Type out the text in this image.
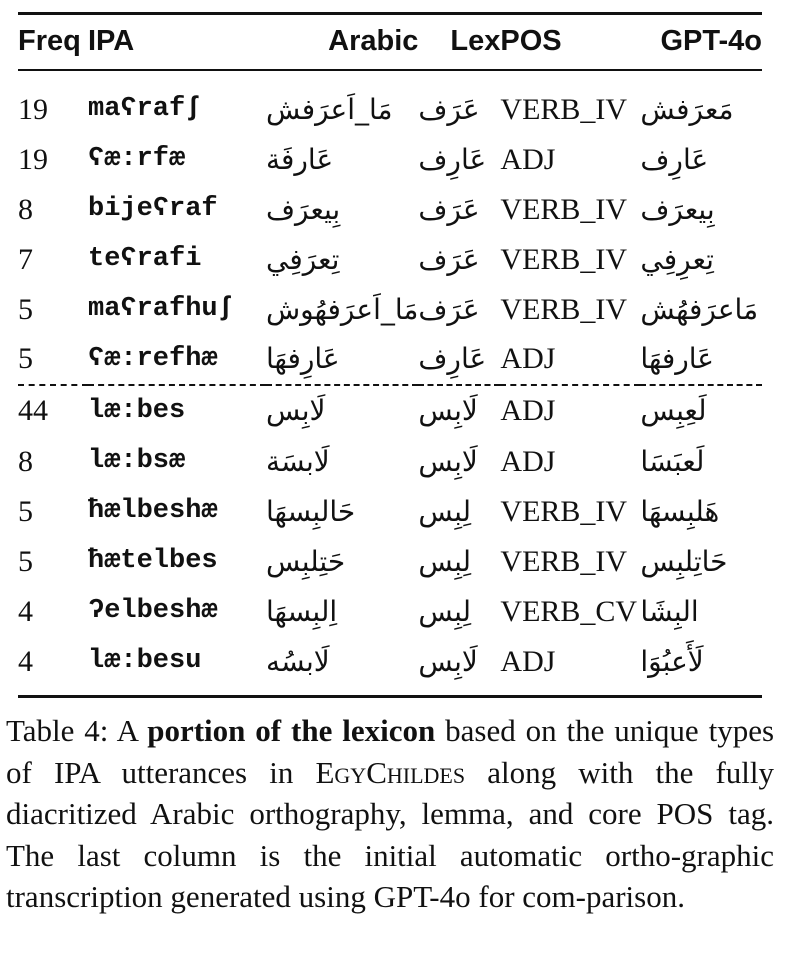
Freq	IPA	Arabic	Lex	POS	GPT-4o

19	maʕrafʃ	مَا_اَعرَفش	عَرَف	VERB_IV	مَعرَفش
19	ʕæ:rfæ	عَارفَة	عَارِف	ADJ	عَارِف
8	bijeʕraf	بِيعرَف	عَرَف	VERB_IV	بِيعرَف
7	teʕrafi	تِعرَفِي	عَرَف	VERB_IV	تِعرِفِي
5	maʕrafhuʃ	مَا_اَعرَفهُوش	عَرَف	VERB_IV	مَاعرَفهُش
5	ʕæ:refhæ	عَارِفهَا	عَارِف	ADJ	عَارفهَا
44	læ:bes	لَابِس	لَابِس	ADJ	لَعِبِس
8	læ:bsæ	لَابسَة	لَابِس	ADJ	لَعبَسَا
5	ħælbeshæ	حَالبِسهَا	لِبِس	VERB_IV	هَلبِسهَا
5	ħætelbes	حَتِلبِس	لِبِس	VERB_IV	حَاتِلبِس
4	ʔelbeshæ	اِلبِسهَا	لِبِس	VERB_CV	البِشَا
4	læ:besu	لَابسُه	لَابِس	ADJ	لَأَعبُوَا

Table 4: A portion of the lexicon based on the unique types of IPA utterances in EgyChildes along with the fully diacritized Arabic orthography, lemma, and core POS tag. The last column is the initial automatic ortho-graphic transcription generated using GPT-4o for com-parison.
